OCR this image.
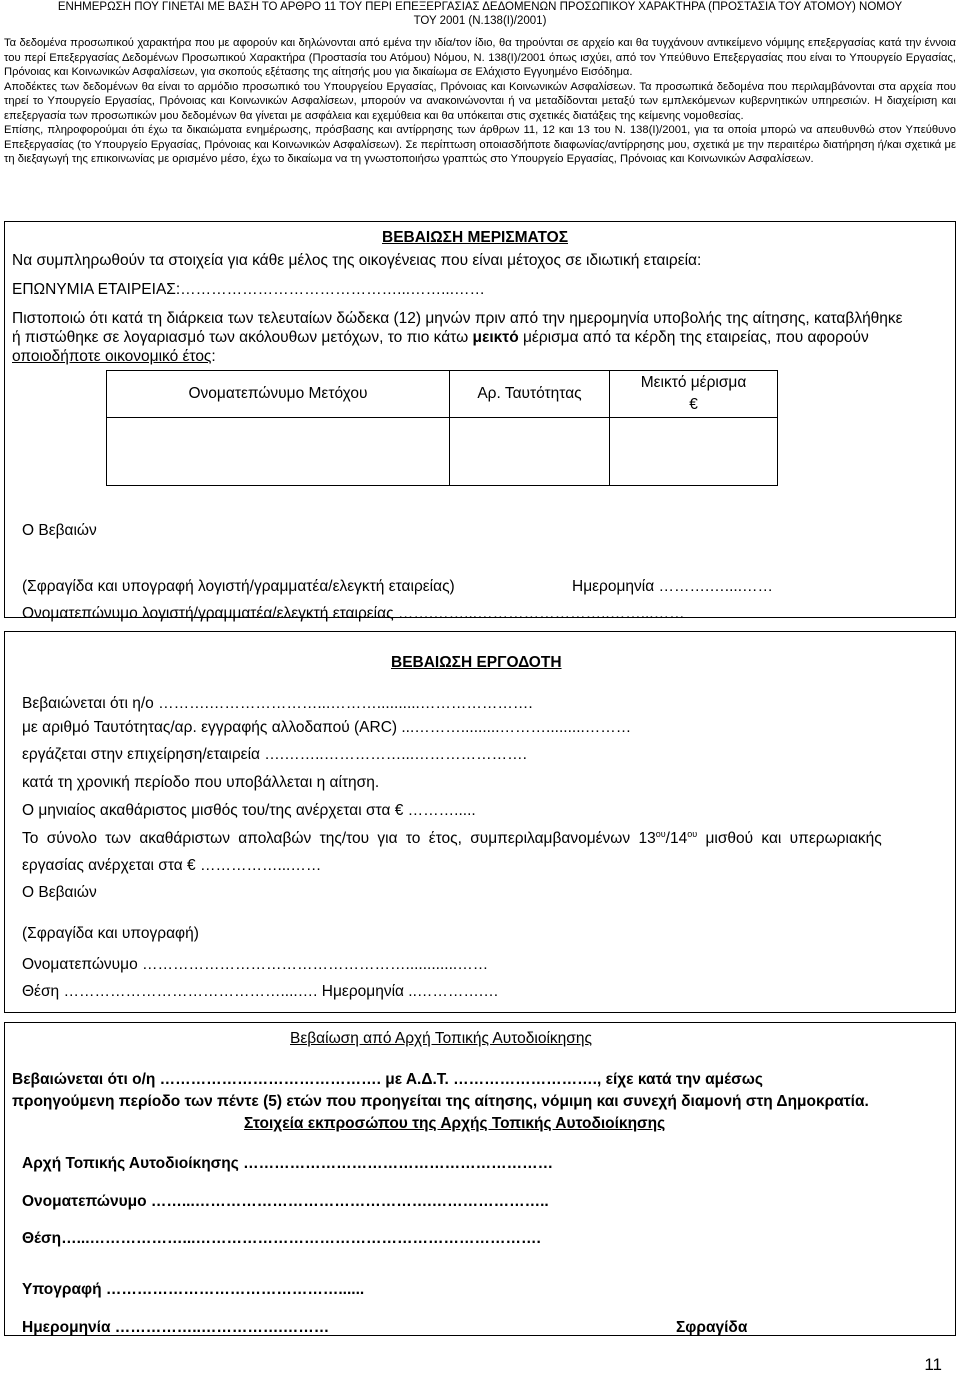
ΕΝΗΜΕΡΩΣΗ ΠΟΥ ΓΙΝΕΤΑΙ ΜΕ ΒΑΣΗ ΤΟ ΑΡΘΡΟ 11 ΤΟΥ ΠΕΡΙ ΕΠΕΞΕΡΓΑΣΙΑΣ ΔΕΔΟΜΕΝΩΝ ΠΡΟΣΩΠΙΚΟΥ ΧΑΡΑΚΤΗΡΑ (ΠΡΟΣΤΑΣΙΑ ΤΟΥ ΑΤΟΜΟΥ) ΝΟΜΟΥ
ΤΟΥ 2001 (Ν.138(Ι)/2001)
Τα δεδομένα προσωπικού χαρακτήρα που με αφορούν και δηλώνονται από εμένα την ιδία/τον ίδιο, θα τηρούνται σε αρχείο και θα τυγχάνουν αντικείμενο νόμιμης επεξεργασίας κατά την έννοια του περί Επεξεργασίας Δεδομένων Προσωπικού Χαρακτήρα (Προστασία του Ατόμου) Νόμου, Ν. 138(Ι)/2001 όπως ισχύει, από τον Υπεύθυνο Επεξεργασίας που είναι το Υπουργείο Εργασίας, Πρόνοιας και Κοινωνικών Ασφαλίσεων, για σκοπούς εξέτασης της αίτησής μου για δικαίωμα σε Ελάχιστο Εγγυημένο Εισόδημα.
Αποδέκτες των δεδομένων θα είναι το αρμόδιο προσωπικό του Υπουργείου Εργασίας, Πρόνοιας και Κοινωνικών Ασφαλίσεων. Τα προσωπικά δεδομένα που περιλαμβάνονται στα αρχεία που τηρεί το Υπουργείο Εργασίας, Πρόνοιας και Κοινωνικών Ασφαλίσεων, μπορούν να ανακοινώνονται ή να μεταδίδονται μεταξύ των εμπλεκόμενων κυβερνητικών υπηρεσιών. Η διαχείριση και επεξεργασία των προσωπικών μου δεδομένων θα γίνεται με ασφάλεια και εχεμύθεια και θα υπόκειται στις σχετικές διατάξεις της κείμενης νομοθεσίας.
Επίσης, πληροφορούμαι ότι έχω τα δικαιώματα ενημέρωσης, πρόσβασης και αντίρρησης των άρθρων 11, 12 και 13 του Ν. 138(Ι)/2001, για τα οποία μπορώ να απευθυνθώ στον Υπεύθυνο Επεξεργασίας (το Υπουργείο Εργασίας, Πρόνοιας και Κοινωνικών Ασφαλίσεων). Σε περίπτωση οποιασδήποτε διαφωνίας/αντίρρησης μου, σχετικά με την περαιτέρω διατήρηση ή/και σχετικά με τη διεξαγωγή της επικοινωνίας με ορισμένο μέσο, έχω το δικαίωμα να τη γνωστοποιήσω γραπτώς στο Υπουργείο Εργασίας, Πρόνοιας και Κοινωνικών Ασφαλίσεων.
ΒΕΒΑΙΩΣΗ ΜΕΡΙΣΜΑΤΟΣ
Να συμπληρωθούν τα στοιχεία για κάθε μέλος της οικογένειας που είναι μέτοχος σε ιδιωτική εταιρεία:
ΕΠΩΝΥΜΙΑ ΕΤΑΙΡΕΙΑΣ:……………………………………...……...……
Πιστοποιώ ότι κατά τη διάρκεια των τελευταίων δώδεκα (12) μηνών πριν από την ημερομηνία υποβολής της αίτησης, καταβλήθηκε
ή πιστώθηκε σε λογαριασμό των ακόλουθων μετόχων, το πιο κάτω μεικτό μέρισμα από τα κέρδη της εταιρείας, που αφορούν
οποιοδήποτε οικονομικό έτος:
Ονοματεπώνυμο Μετόχου	Αρ. Ταυτότητας	Μεικτό μέρισμα
€

Ο Βεβαιών
(Σφραγίδα και υπογραφή λογιστή/γραμματέα/ελεγκτή εταιρείας)	Ημερομηνία ……….…....……
Ονοματεπώνυμο λογιστή/γραμματέα/ελεγκτή εταιρείας …….……...……………………..……...……
ΒΕΒΑΙΩΣΗ ΕΡΓΟΔΟΤΗ
Βεβαιώνεται ότι η/ο ……….…………………...………..........………………….
με αριθμό Ταυτότητας/αρ. εγγραφής αλλοδαπού (ARC) ...……….........……….........………
εργάζεται στην επιχείρηση/εταιρεία ….……..……………...………………….
κατά τη χρονική περίοδο που υποβάλλεται η αίτηση.
Ο μηνιαίος ακαθάριστος μισθός του/της ανέρχεται στα € ……….....
Το σύνολο των ακαθάριστων απολαβών της/του για το έτος, συμπεριλαμβανομένων $13^{o\upsilon}/14^{o\upsilon}$ μισθού και υπερωριακής
εργασίας ανέρχεται στα € ……………...……
Ο Βεβαιών
(Σφραγίδα και υπογραφή)
Ονοματεπώνυμο ……………………………………………............……
Θέση ……………………………………....…. Ημερομηνία ..………….…
Βεβαίωση από Αρχή Τοπικής Αυτοδιοίκησης
Βεβαιώνεται ότι ο/η ……………………………………. με Α.Δ.Τ. ………………………., είχε κατά την αμέσως
προηγούμενη περίοδο των πέντε (5) ετών που προηγείται της αίτησης, νόμιμη και συνεχή διαμονή στη Δημοκρατία.
Στοιχεία εκπροσώπου της Αρχής Τοπικής Αυτοδιοίκησης
Αρχή Τοπικής Αυτοδιοίκησης ……………………………………………………
Ονοματεπώνυμο ……...……………………………………….…………………..
Θέση…...………………...………………………………………………………….
Υπογραφή ………………………………………......
Ημερομηνία ……………..…………….………	Σφραγίδα
11
